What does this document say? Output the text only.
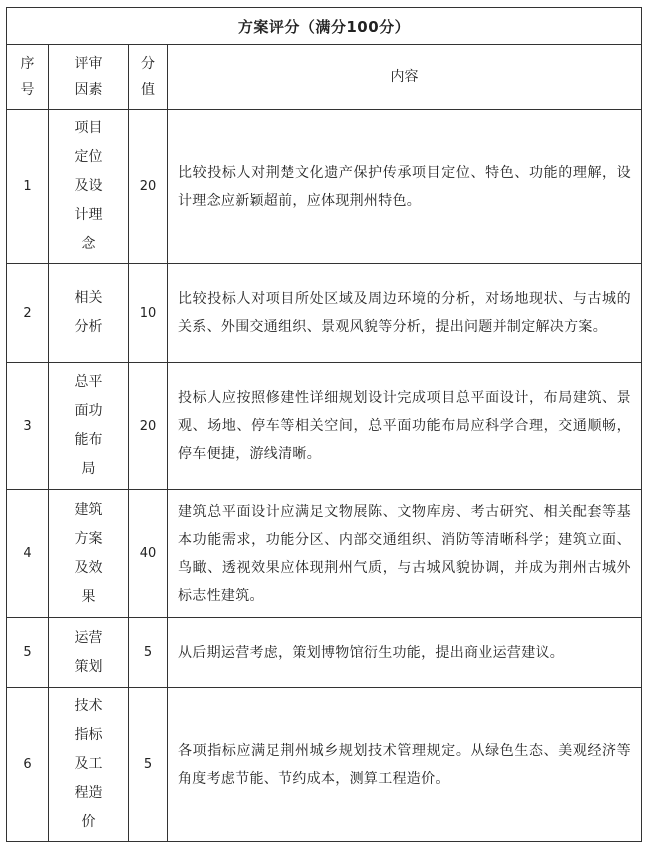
方案评分（满分100分）			
序号	评审因素	分值	内容
1	项目定位及设计理念	20	比较投标人对荆楚文化遗产保护传承项目定位、特色、功能的理解，设计理念应新颖超前，应体现荆州特色。
2	相关分析	10	比较投标人对项目所处区域及周边环境的分析，对场地现状、与古城的关系、外围交通组织、景观风貌等分析，提出问题并制定解决方案。
3	总平面功能布局	20	投标人应按照修建性详细规划设计完成项目总平面设计，布局建筑、景观、场地、停车等相关空间，总平面功能布局应科学合理，交通顺畅，停车便捷，游线清晰。
4	建筑方案及效果	40	建筑总平面设计应满足文物展陈、文物库房、考古研究、相关配套等基本功能需求，功能分区、内部交通组织、消防等清晰科学；建筑立面、鸟瞰、透视效果应体现荆州气质，与古城风貌协调，并成为荆州古城外标志性建筑。
5	运营策划	5	从后期运营考虑，策划博物馆衍生功能，提出商业运营建议。
6	技术指标及工程造价	5	各项指标应满足荆州城乡规划技术管理规定。从绿色生态、美观经济等角度考虑节能、节约成本，测算工程造价。
